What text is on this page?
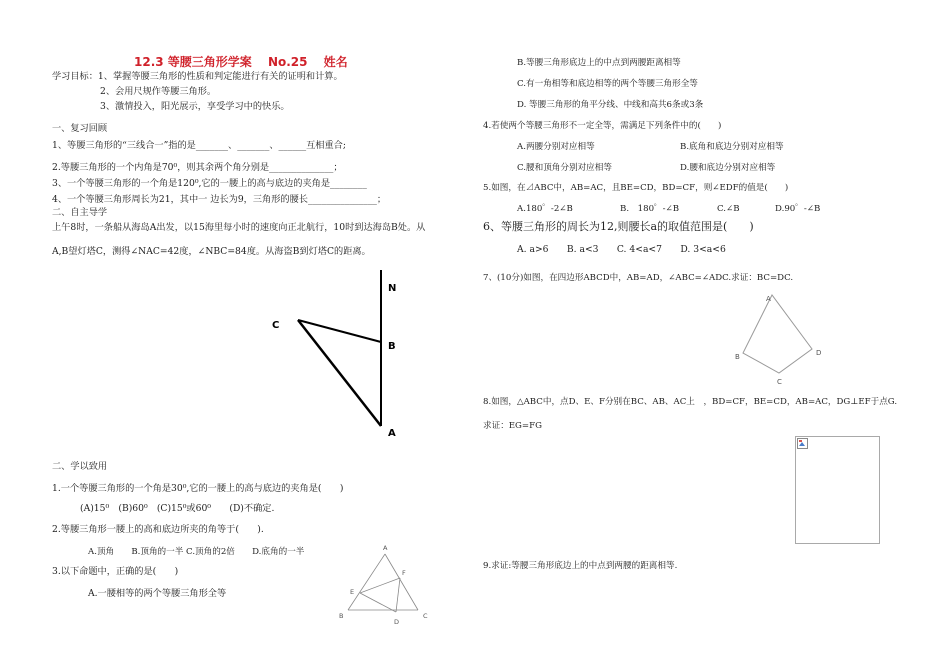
12.3 等腰三角形学案　 No.25　 姓名
学习目标：1、掌握等腰三角形的性质和判定能进行有关的证明和计算。
2、会用尺规作等腰三角形。
3、激情投入，阳光展示，享受学习中的快乐。
一、复习回顾
1、等腰三角形的“三线合一”指的是_______、_______、______互相重合;
2.等腰三角形的一个内角是70⁰，则其余两个角分别是______________；
3、一个等腰三角形的一个角是120⁰,它的一腰上的高与底边的夹角是________
4、一个等腰三角形周长为21，其中一 边长为9，三角形的腰长_______________；
二、自主导学
上午8时，一条船从海岛A出发，以15海里每小时的速度向正北航行，10时到达海岛B处。从
A,B望灯塔C，测得∠NAC=42度，∠NBC=84度。从海盗B到灯塔C的距离。
N
B
C
A
二、学以致用
1.一个等腰三角形的一个角是30⁰,它的一腰上的高与底边的夹角是(　　)
(A)15⁰　(B)60⁰　(C)15⁰或60⁰　　(D)不确定.
2.等腰三角形一腰上的高和底边所夹的角等于(　　).
A.顶角　　B.顶角的一半 C.顶角的2倍　　D.底角的一半
3.以下命题中，正确的是(　　)
A.一腰相等的两个等腰三角形全等
A
F
E
B
D
C
B.等腰三角形底边上的中点到两腰距离相等
C.有一角相等和底边相等的两个等腰三角形全等
D. 等腰三角形的角平分线、中线和高共6条或3条
4.若使两个等腰三角形不一定全等，需满足下列条件中的(　　)
A.两腰分别对应相等	B.底角和底边分别对应相等
C.腰和顶角分别对应相等	D.腰和底边分别对应相等
5.如图，在⊿ABC中，AB=AC，且BE=CD，BD=CF，则∠EDF的值是(　　)
A.180゜-2∠B	B.　180゜-∠B	C.∠B	D.90゜-∠B
6、等腰三角形的周长为12,则腰长a的取值范围是(　　)
A. a>6　　B. a<3　　C. 4<a<7　　D. 3<a<6
7、(10分)如图，在四边形ABCD中，AB=AD，∠ABC=∠ADC.求证：BC=DC.
A
B
C
D
8.如图，△ABC中，点D、E、F分别在BC、AB、AC上　，BD=CF，BE=CD，AB=AC，DG⊥EF于点G.
求证：EG=FG
9.求证:等腰三角形底边上的中点到两腰的距离相等.
